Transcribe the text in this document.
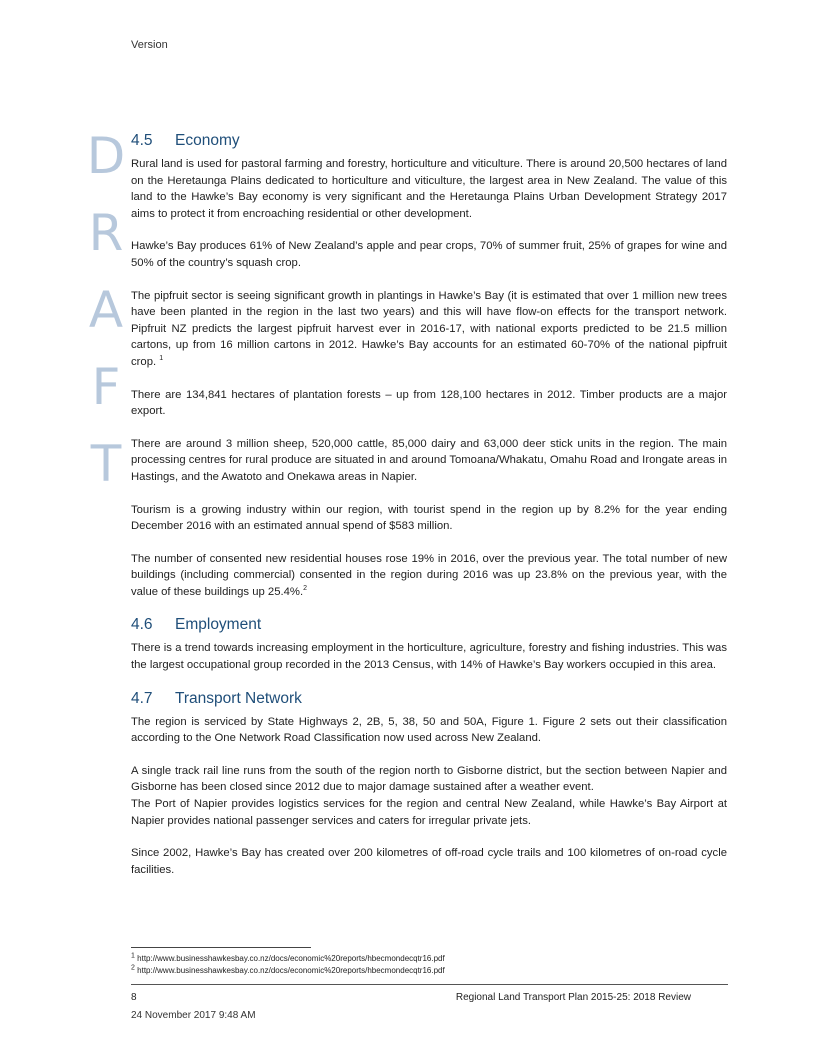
Version
D
R
A
F
T
4.5 Economy

Rural land is used for pastoral farming and forestry, horticulture and viticulture. There is around 20,500 hectares of land on the Heretaunga Plains dedicated to horticulture and viticulture, the largest area in New Zealand. The value of this land to the Hawke’s Bay economy is very significant and the Heretaunga Plains Urban Development Strategy 2017 aims to protect it from encroaching residential or other development.

Hawke’s Bay produces 61% of New Zealand’s apple and pear crops, 70% of summer fruit, 25% of grapes for wine and 50% of the country’s squash crop.

The pipfruit sector is seeing significant growth in plantings in Hawke’s Bay (it is estimated that over 1 million new trees have been planted in the region in the last two years) and this will have flow-on effects for the transport network. Pipfruit NZ predicts the largest pipfruit harvest ever in 2016-17, with national exports predicted to be 21.5 million cartons, up from 16 million cartons in 2012. Hawke’s Bay accounts for an estimated 60-70% of the national pipfruit crop. $^1$

There are 134,841 hectares of plantation forests – up from 128,100 hectares in 2012. Timber products are a major export.

There are around 3 million sheep, 520,000 cattle, 85,000 dairy and 63,000 deer stick units in the region. The main processing centres for rural produce are situated in and around Tomoana/Whakatu, Omahu Road and Irongate areas in Hastings, and the Awatoto and Onekawa areas in Napier.

Tourism is a growing industry within our region, with tourist spend in the region up by 8.2% for the year ending December 2016 with an estimated annual spend of $583 million.

The number of consented new residential houses rose 19% in 2016, over the previous year. The total number of new buildings (including commercial) consented in the region during 2016 was up 23.8% on the previous year, with the value of these buildings up 25.4%.$^2$

4.6 Employment

There is a trend towards increasing employment in the horticulture, agriculture, forestry and fishing industries. This was the largest occupational group recorded in the 2013 Census, with 14% of Hawke’s Bay workers occupied in this area.

4.7 Transport Network

The region is serviced by State Highways 2, 2B, 5, 38, 50 and 50A, Figure 1. Figure 2 sets out their classification according to the One Network Road Classification now used across New Zealand.

A single track rail line runs from the south of the region north to Gisborne district, but the section between Napier and Gisborne has been closed since 2012 due to major damage sustained after a weather event.

The Port of Napier provides logistics services for the region and central New Zealand, while Hawke’s Bay Airport at Napier provides national passenger services and caters for irregular private jets.

Since 2002, Hawke’s Bay has created over 200 kilometres of off-road cycle trails and 100 kilometres of on-road cycle facilities.

$^1$ http://www.businesshawkesbay.co.nz/docs/economic%20reports/hbecmondecqtr16.pdf
$^2$ http://www.businesshawkesbay.co.nz/docs/economic%20reports/hbecmondecqtr16.pdf
8	Regional Land Transport Plan 2015-25: 2018 Review
24 November 2017 9:48 AM
